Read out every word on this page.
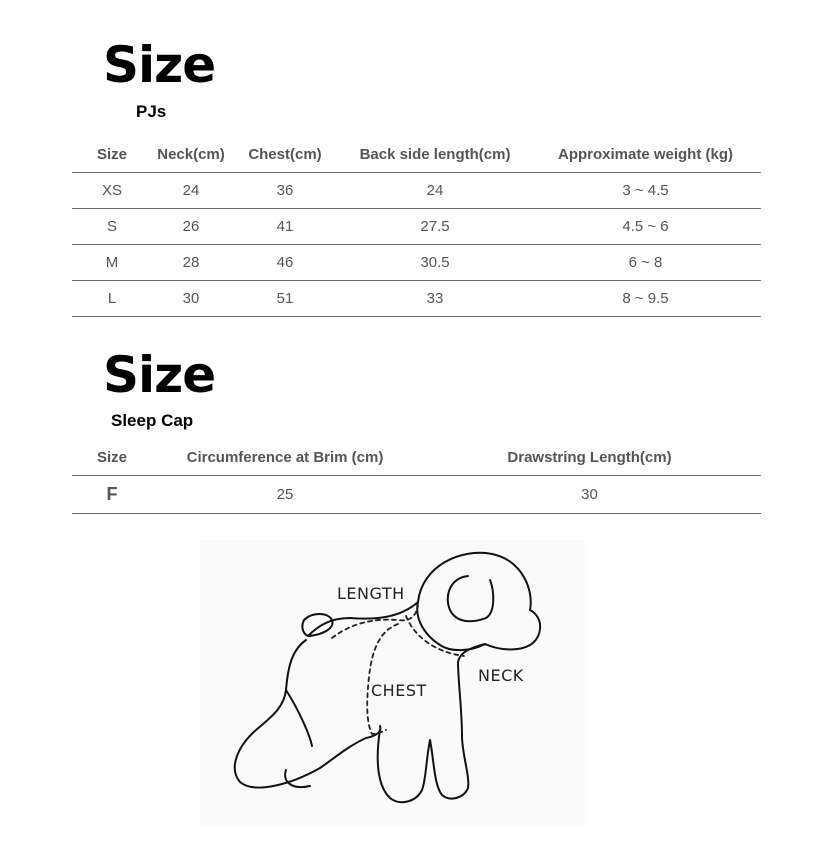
Size
PJs
Size	Neck(cm)	Chest(cm)	Back side length(cm)	Approximate weight (kg)
XS	24	36	24	3 ~ 4.5
S	26	41	27.5	4.5 ~ 6
M	28	46	30.5	6 ~ 8
L	30	51	33	8 ~ 9.5
Size
Sleep Cap
Size	Circumference at Brim (cm)	Drawstring Length(cm)
F	25	30
LENGTH
CHEST
NECK
